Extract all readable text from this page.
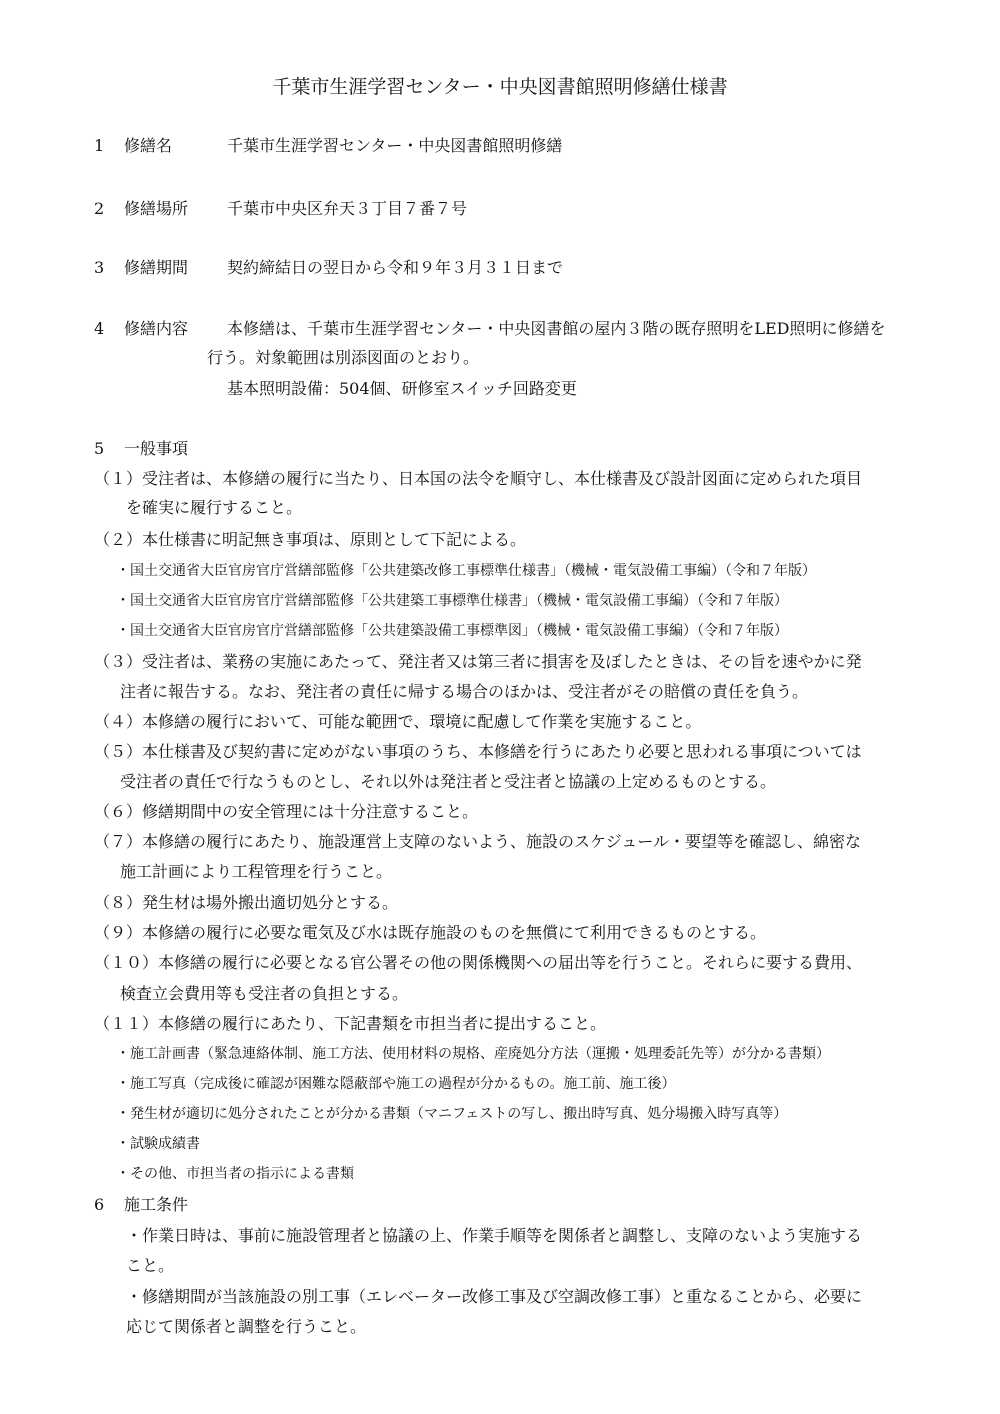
千葉市生涯学習センター・中央図書館照明修繕仕様書
1 修繕名	千葉市生涯学習センター・中央図書館照明修繕
2 修繕場所 千葉市中央区弁天３丁目７番７号
3 修繕期間 契約締結日の翌日から令和９年３月３１日まで
4 修繕内容 本修繕は、千葉市生涯学習センター・中央図書館の屋内３階の既存照明をLED照明に修繕を
行う。対象範囲は別添図面のとおり。
基本照明設備：504個、研修室スイッチ回路変更
5 一般事項
（１）受注者は、本修繕の履行に当たり、日本国の法令を順守し、本仕様書及び設計図面に定められた項目
を確実に履行すること。
（２）本仕様書に明記無き事項は、原則として下記による。
・国土交通省大臣官房官庁営繕部監修「公共建築改修工事標準仕様書」（機械・電気設備工事編）（令和７年版）
・国土交通省大臣官房官庁営繕部監修「公共建築工事標準仕様書」（機械・電気設備工事編）（令和７年版）
・国土交通省大臣官房官庁営繕部監修「公共建築設備工事標準図」（機械・電気設備工事編）（令和７年版）
（３）受注者は、業務の実施にあたって、発注者又は第三者に損害を及ぼしたときは、その旨を速やかに発
注者に報告する。なお、発注者の責任に帰する場合のほかは、受注者がその賠償の責任を負う。
（４）本修繕の履行において、可能な範囲で、環境に配慮して作業を実施すること。
（５）本仕様書及び契約書に定めがない事項のうち、本修繕を行うにあたり必要と思われる事項については
受注者の責任で行なうものとし、それ以外は発注者と受注者と協議の上定めるものとする。
（６）修繕期間中の安全管理には十分注意すること。
（７）本修繕の履行にあたり、施設運営上支障のないよう、施設のスケジュール・要望等を確認し、綿密な
施工計画により工程管理を行うこと。
（８）発生材は場外搬出適切処分とする。
（９）本修繕の履行に必要な電気及び水は既存施設のものを無償にて利用できるものとする。
（１０）本修繕の履行に必要となる官公署その他の関係機関への届出等を行うこと。それらに要する費用、
検査立会費用等も受注者の負担とする。
（１１）本修繕の履行にあたり、下記書類を市担当者に提出すること。
・施工計画書（緊急連絡体制、施工方法、使用材料の規格、産廃処分方法（運搬・処理委託先等）が分かる書類）
・施工写真（完成後に確認が困難な隠蔽部や施工の過程が分かるもの。施工前、施工後）
・発生材が適切に処分されたことが分かる書類（マニフェストの写し、搬出時写真、処分場搬入時写真等）
・試験成績書
・その他、市担当者の指示による書類
6 施工条件
・作業日時は、事前に施設管理者と協議の上、作業手順等を関係者と調整し、支障のないよう実施する
こと。
・修繕期間が当該施設の別工事（エレベーター改修工事及び空調改修工事）と重なることから、必要に
応じて関係者と調整を行うこと。
